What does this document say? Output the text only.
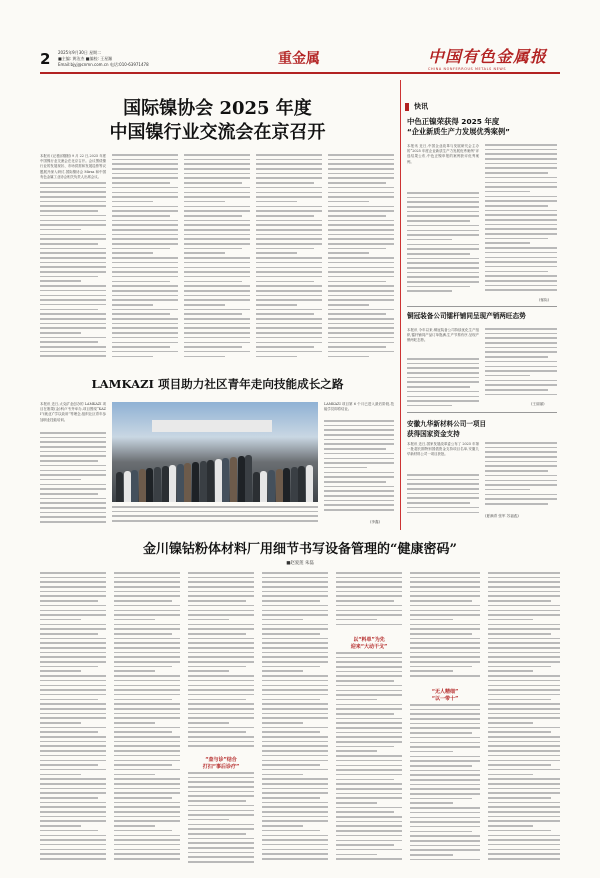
2 2025年9月30日 星期二
■主编: 黄洁杰 ■编校: 王星瀚
Email:bjyj@cnmn.com.cn 电话:010-63971478	重金属	中国有色金属报
CHINA NONFERROUS METALS NEWS
国际镍协会 2025 年度
中国镍行业交流会在京召开
本报讯 (记者邱刚刚) 9 月 22 日,2025 年度中国镍行业交流会在北京召开。会议围绕镍行业的发展现状、市场供需和发展趋势等议题展开深入研讨,国际镍协会 Mirza 和中国有色金属工业协会相关负责人出席会议。
LAMKAZI 项目助力社区青年走向技能成长之路
本报讯 近日,太克矿业创办的 LAMKAZI 项目在刚果(金)科卢韦齐举办,项目围绕“KAZI”(就业)“学以致用”等理念,组织社区青年参加职业技能培训。
LAMKAZI 项目第 6 个月已进入最后阶段,技能学员即将结业。
(李鑫)
快讯
中色正镍荣获得 2025 年度
“企业新质生产力发展优秀案例”
本报讯 近日,中国企业改革与发展研究会主办的“2025 年度企业新质生产力发展优秀案例”评选结果公布,中色正镍申报的案例获评优秀案例。
(郁际)
铜冠装备公司镭杆铺同呈现产销两旺态势
本报讯 今年以来,铜冠装备公司持续优化生产组织,镭杆铺同产品订单饱满,生产节奏有序,呈现产销两旺态势。
(王丽丽)
安徽九华新材料公司一项目
获得国家资金支持
本报讯 近日,国家发展改革委公布了 2025 年第一批超长期特别国债资金支持项目名单,安徽九华新材料公司一项目获批。
(夏满青 张军 苏福彪)
金川镍钴粉体材料厂用细节书写设备管理的“健康密码”
■赵爱莲 朱磊
“查与诊”结合
打扫“事后诊疗”
以“料单”为先
迎来“大动干戈”
“无人精细”
“以一带十”
